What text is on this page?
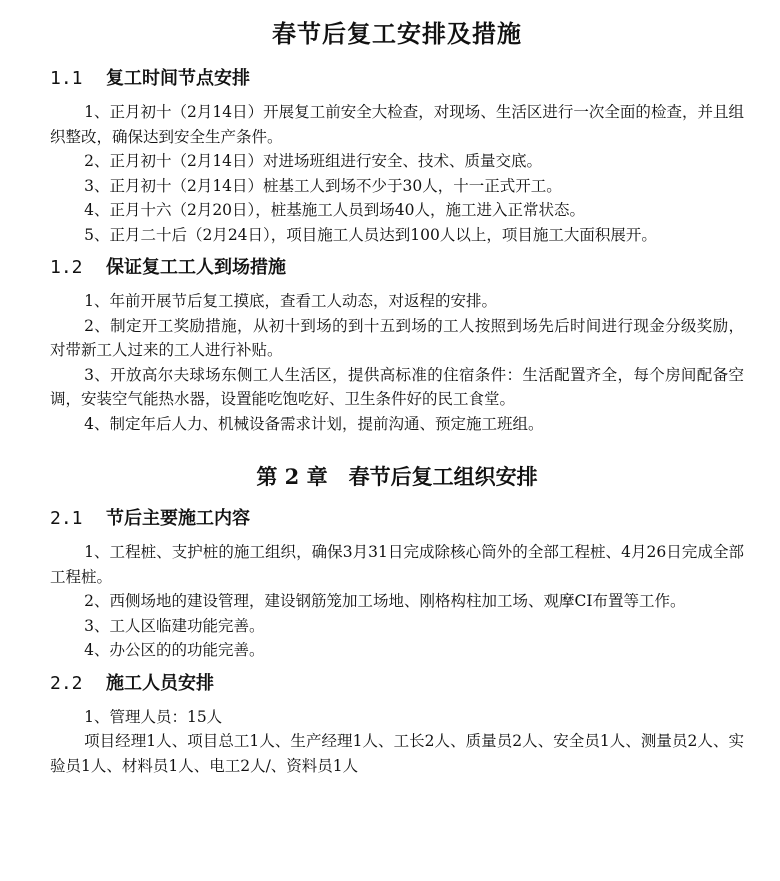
春节后复工安排及措施
1.1 复工时间节点安排

1、正月初十（2月14日）开展复工前安全大检查，对现场、生活区进行一次全面的检查，并且组织整改，确保达到安全生产条件。

2、正月初十（2月14日）对进场班组进行安全、技术、质量交底。

3、正月初十（2月14日）桩基工人到场不少于30人，十一正式开工。

4、正月十六（2月20日），桩基施工人员到场40人，施工进入正常状态。

5、正月二十后（2月24日），项目施工人员达到100人以上，项目施工大面积展开。

1.2 保证复工工人到场措施

1、年前开展节后复工摸底，查看工人动态，对返程的安排。

2、制定开工奖励措施，从初十到场的到十五到场的工人按照到场先后时间进行现金分级奖励，对带新工人过来的工人进行补贴。

3、开放高尔夫球场东侧工人生活区，提供高标准的住宿条件：生活配置齐全，每个房间配备空调，安装空气能热水器，设置能吃饱吃好、卫生条件好的民工食堂。

4、制定年后人力、机械设备需求计划，提前沟通、预定施工班组。

第 2 章　春节后复工组织安排
2.1 节后主要施工内容

1、工程桩、支护桩的施工组织，确保3月31日完成除核心筒外的全部工程桩、4月26日完成全部工程桩。

2、西侧场地的建设管理，建设钢筋笼加工场地、刚格构柱加工场、观摩CI布置等工作。

3、工人区临建功能完善。

4、办公区的的功能完善。

2.2 施工人员安排

1、管理人员：15人

项目经理1人、项目总工1人、生产经理1人、工长2人、质量员2人、安全员1人、测量员2人、实验员1人、材料员1人、电工2人/、资料员1人
